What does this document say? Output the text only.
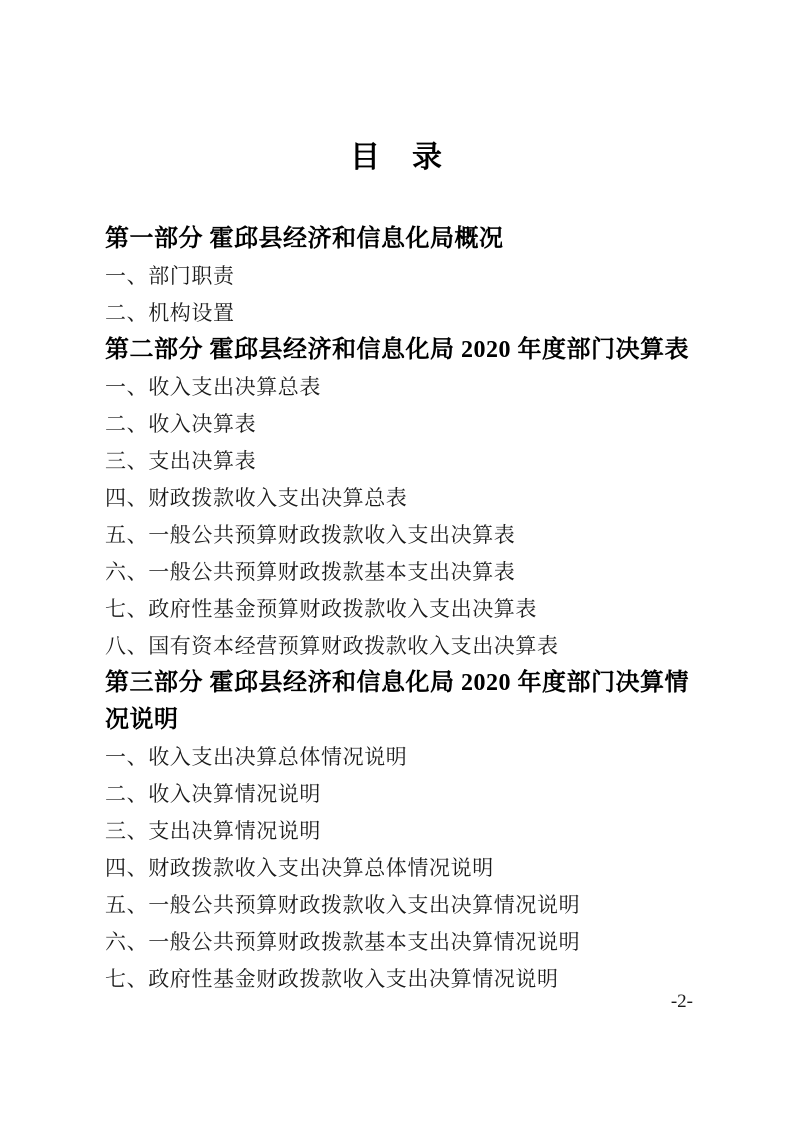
目　录
第一部分 霍邱县经济和信息化局概况
一、部门职责
二、机构设置
第二部分 霍邱县经济和信息化局 2020 年度部门决算表
一、收入支出决算总表
二、收入决算表
三、支出决算表
四、财政拨款收入支出决算总表
五、一般公共预算财政拨款收入支出决算表
六、一般公共预算财政拨款基本支出决算表
七、政府性基金预算财政拨款收入支出决算表
八、国有资本经营预算财政拨款收入支出决算表
第三部分 霍邱县经济和信息化局 2020 年度部门决算情况说明
一、收入支出决算总体情况说明
二、收入决算情况说明
三、支出决算情况说明
四、财政拨款收入支出决算总体情况说明
五、一般公共预算财政拨款收入支出决算情况说明
六、一般公共预算财政拨款基本支出决算情况说明
七、政府性基金财政拨款收入支出决算情况说明
-2-
